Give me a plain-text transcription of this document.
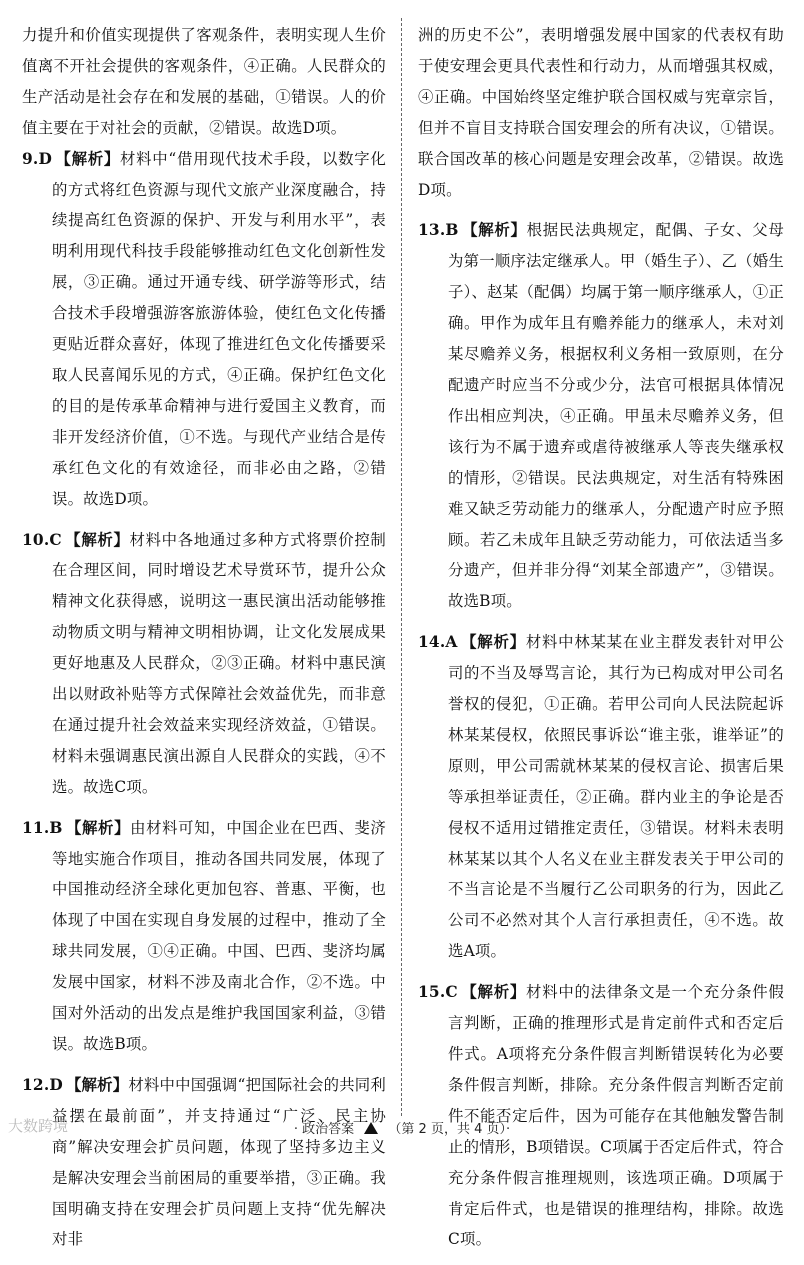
力提升和价值实现提供了客观条件，表明实现人生价值离不开社会提供的客观条件，④正确。人民群众的生产活动是社会存在和发展的基础，①错误。人的价值主要在于对社会的贡献，②错误。故选D项。

9.D 【解析】材料中“借用现代技术手段，以数字化的方式将红色资源与现代文旅产业深度融合，持续提高红色资源的保护、开发与利用水平”，表明利用现代科技手段能够推动红色文化创新性发展，③正确。通过开通专线、研学游等形式，结合技术手段增强游客旅游体验，使红色文化传播更贴近群众喜好，体现了推进红色文化传播要采取人民喜闻乐见的方式，④正确。保护红色文化的目的是传承革命精神与进行爱国主义教育，而非开发经济价值，①不选。与现代产业结合是传承红色文化的有效途径，而非必由之路，②错误。故选D项。

10.C 【解析】材料中各地通过多种方式将票价控制在合理区间，同时增设艺术导赏环节，提升公众精神文化获得感，说明这一惠民演出活动能够推动物质文明与精神文明相协调，让文化发展成果更好地惠及人民群众，②③正确。材料中惠民演出以财政补贴等方式保障社会效益优先，而非意在通过提升社会效益来实现经济效益，①错误。材料未强调惠民演出源自人民群众的实践，④不选。故选C项。

11.B 【解析】由材料可知，中国企业在巴西、斐济等地实施合作项目，推动各国共同发展，体现了中国推动经济全球化更加包容、普惠、平衡，也体现了中国在实现自身发展的过程中，推动了全球共同发展，①④正确。中国、巴西、斐济均属发展中国家，材料不涉及南北合作，②不选。中国对外活动的出发点是维护我国国家利益，③错误。故选B项。

12.D 【解析】材料中中国强调“把国际社会的共同利益摆在最前面”，并支持通过“广泛、民主协商”解决安理会扩员问题，体现了坚持多边主义是解决安理会当前困局的重要举措，③正确。我国明确支持在安理会扩员问题上支持“优先解决对非

洲的历史不公”，表明增强发展中国家的代表权有助于使安理会更具代表性和行动力，从而增强其权威，④正确。中国始终坚定维护联合国权威与宪章宗旨，但并不盲目支持联合国安理会的所有决议，①错误。联合国改革的核心问题是安理会改革，②错误。故选D项。

13.B 【解析】根据民法典规定，配偶、子女、父母为第一顺序法定继承人。甲（婚生子）、乙（婚生子）、赵某（配偶）均属于第一顺序继承人，①正确。甲作为成年且有赡养能力的继承人，未对刘某尽赡养义务，根据权利义务相一致原则，在分配遗产时应当不分或少分，法官可根据具体情况作出相应判决，④正确。甲虽未尽赡养义务，但该行为不属于遗弃或虐待被继承人等丧失继承权的情形，②错误。民法典规定，对生活有特殊困难又缺乏劳动能力的继承人，分配遗产时应予照顾。若乙未成年且缺乏劳动能力，可依法适当多分遗产，但并非分得“刘某全部遗产”，③错误。故选B项。

14.A 【解析】材料中林某某在业主群发表针对甲公司的不当及辱骂言论，其行为已构成对甲公司名誉权的侵犯，①正确。若甲公司向人民法院起诉林某某侵权，依照民事诉讼“谁主张，谁举证”的原则，甲公司需就林某某的侵权言论、损害后果等承担举证责任，②正确。群内业主的争论是否侵权不适用过错推定责任，③错误。材料未表明林某某以其个人名义在业主群发表关于甲公司的不当言论是不当履行乙公司职务的行为，因此乙公司不必然对其个人言行承担责任，④不选。故选A项。

15.C 【解析】材料中的法律条文是一个充分条件假言判断，正确的推理形式是肯定前件式和否定后件式。A项将充分条件假言判断错误转化为必要条件假言判断，排除。充分条件假言判断否定前件不能否定后件，因为可能存在其他触发警告制止的情形，B项错误。C项属于否定后件式，符合充分条件假言推理规则，该选项正确。D项属于肯定后件式，也是错误的推理结构，排除。故选C项。

· 政治答案	（第 2 页，共 4 页）·
大数跨境
